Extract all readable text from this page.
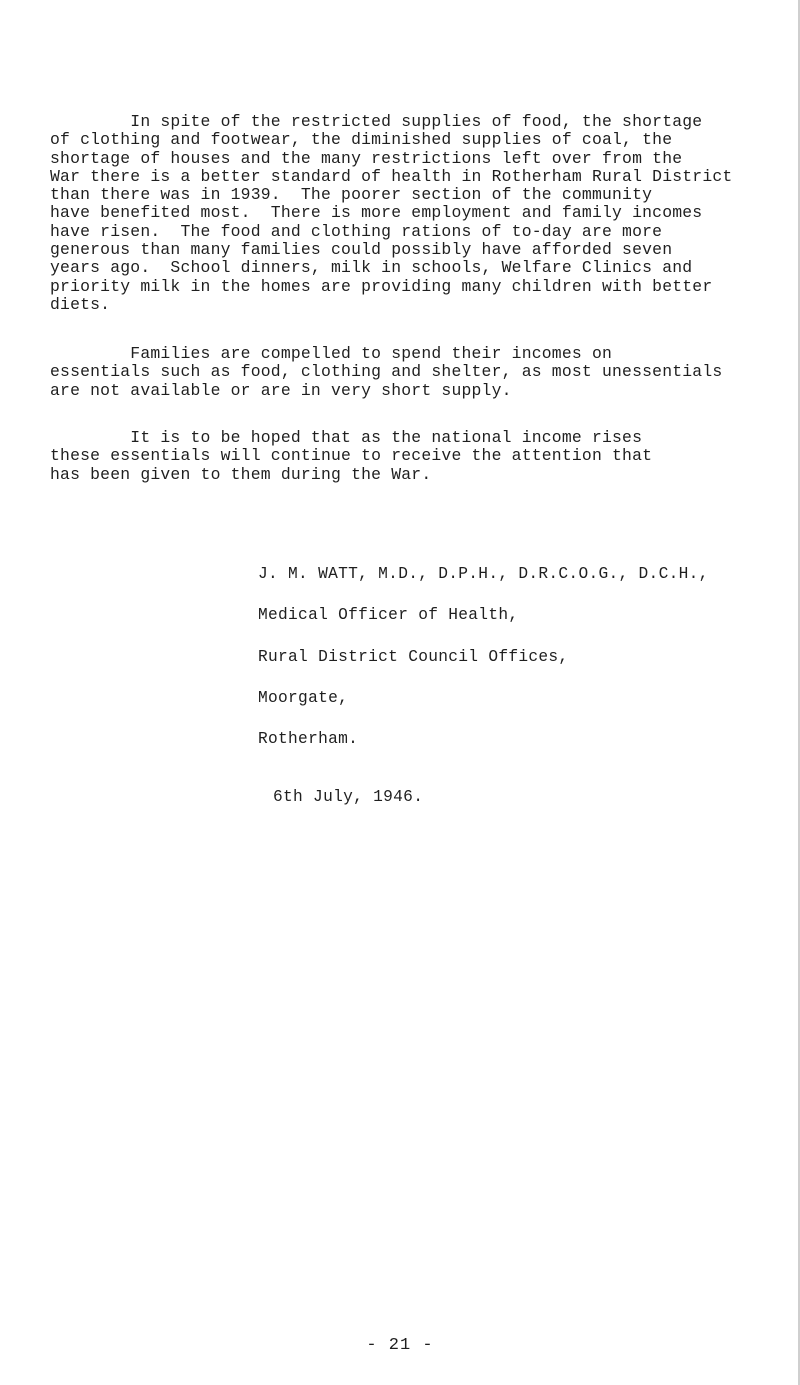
In spite of the restricted supplies of food, the shortage
of clothing and footwear, the diminished supplies of coal, the
shortage of houses and the many restrictions left over from the
War there is a better standard of health in Rotherham Rural District
than there was in 1939.  The poorer section of the community
have benefited most.  There is more employment and family incomes
have risen.  The food and clothing rations of to-day are more
generous than many families could possibly have afforded seven
years ago.  School dinners, milk in schools, Welfare Clinics and
priority milk in the homes are providing many children with better
diets.
Families are compelled to spend their incomes on
essentials such as food, clothing and shelter, as most unessentials
are not available or are in very short supply.
It is to be hoped that as the national income rises
these essentials will continue to receive the attention that
has been given to them during the War.
J. M. WATT, M.D., D.P.H., D.R.C.O.G., D.C.H.,
Medical Officer of Health,
Rural District Council Offices,
Moorgate,
Rotherham.
6th July, 1946.
- 21 -
